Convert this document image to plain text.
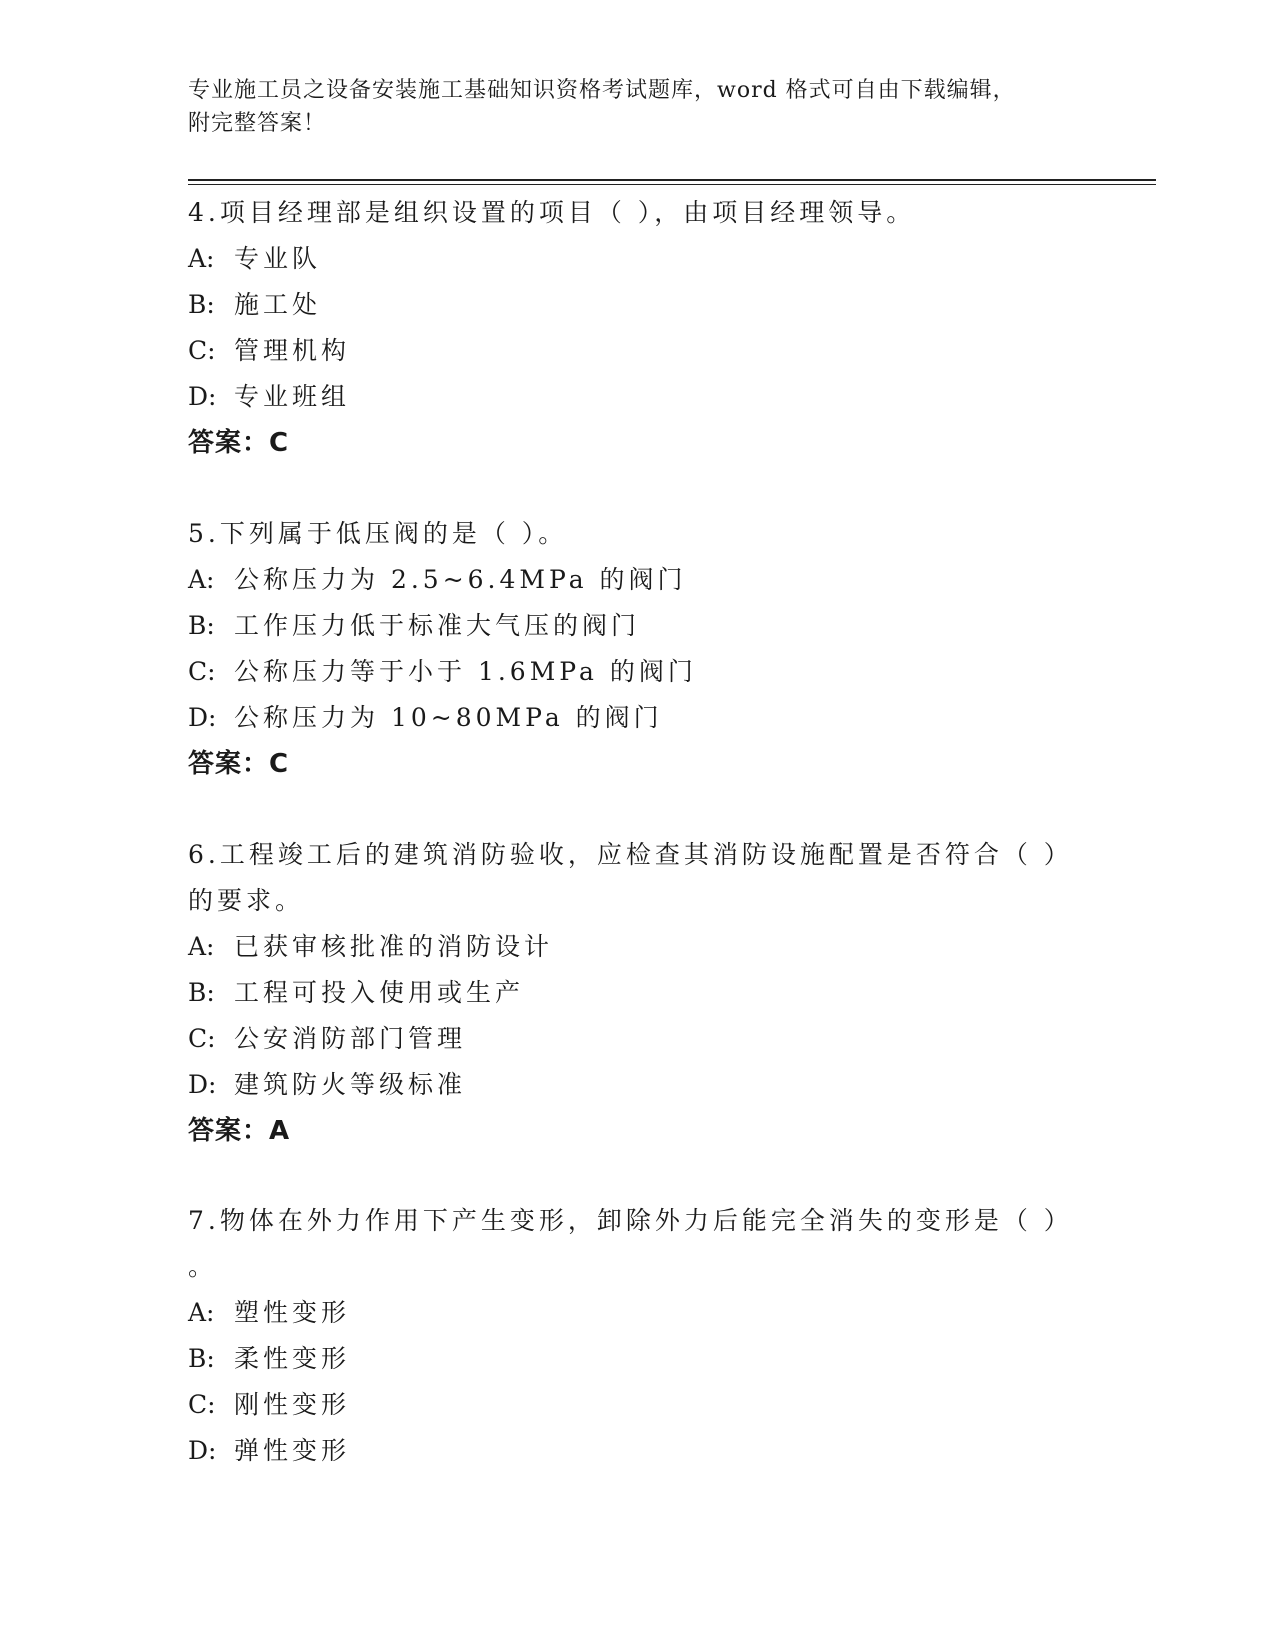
专业施工员之设备安装施工基础知识资格考试题库，word 格式可自由下载编辑，
附完整答案！
4.项目经理部是组织设置的项目（ ），由项目经理领导。
A: 专业队
B: 施工处
C: 管理机构
D: 专业班组
答案：C
5.下列属于低压阀的是（ ）。
A: 公称压力为 2.5~6.4MPa 的阀门
B: 工作压力低于标准大气压的阀门
C: 公称压力等于小于 1.6MPa 的阀门
D: 公称压力为 10~80MPa 的阀门
答案：C
6.工程竣工后的建筑消防验收，应检查其消防设施配置是否符合（ ）
的要求。
A: 已获审核批准的消防设计
B: 工程可投入使用或生产
C: 公安消防部门管理
D: 建筑防火等级标准
答案：A
7.物体在外力作用下产生变形，卸除外力后能完全消失的变形是（ ）
。
A: 塑性变形
B: 柔性变形
C: 刚性变形
D: 弹性变形
